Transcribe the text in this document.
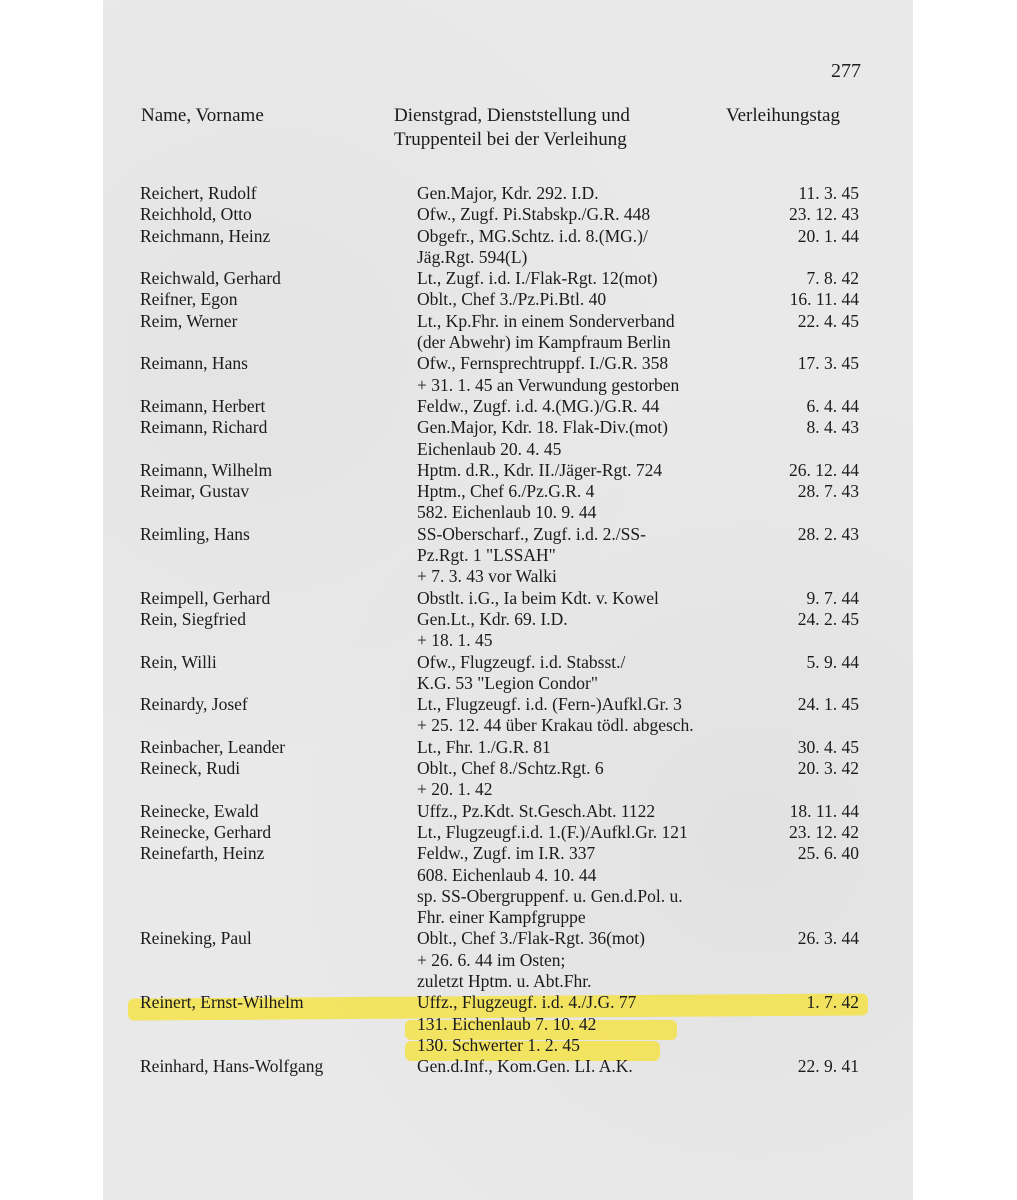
277
Name, Vorname	Dienstgrad, Dienststellung und
Truppenteil bei der Verleihung
Verleihungstag
Reichert, Rudolf	Gen.Major, Kdr. 292. I.D.	11. 3. 45
Reichhold, Otto	Ofw., Zugf. Pi.Stabskp./G.R. 448	23. 12. 43
Reichmann, Heinz	Obgefr., MG.Schtz. i.d. 8.(MG.)/	20. 1. 44
Jäg.Rgt. 594(L)
Reichwald, Gerhard	Lt., Zugf. i.d. I./Flak-Rgt. 12(mot)	7. 8. 42
Reifner, Egon	Oblt., Chef 3./Pz.Pi.Btl. 40	16. 11. 44
Reim, Werner	Lt., Kp.Fhr. in einem Sonderverband	22. 4. 45
(der Abwehr) im Kampfraum Berlin
Reimann, Hans	Ofw., Fernsprechtruppf. I./G.R. 358	17. 3. 45
+ 31. 1. 45 an Verwundung gestorben
Reimann, Herbert	Feldw., Zugf. i.d. 4.(MG.)/G.R. 44	6. 4. 44
Reimann, Richard	Gen.Major, Kdr. 18. Flak-Div.(mot)	8. 4. 43
Eichenlaub 20. 4. 45
Reimann, Wilhelm	Hptm. d.R., Kdr. II./Jäger-Rgt. 724	26. 12. 44
Reimar, Gustav	Hptm., Chef 6./Pz.G.R. 4	28. 7. 43
582. Eichenlaub 10. 9. 44
Reimling, Hans	SS-Oberscharf., Zugf. i.d. 2./SS-	28. 2. 43
Pz.Rgt. 1 "LSSAH"
+ 7. 3. 43 vor Walki
Reimpell, Gerhard	Obstlt. i.G., Ia beim Kdt. v. Kowel	9. 7. 44
Rein, Siegfried	Gen.Lt., Kdr. 69. I.D.	24. 2. 45
+ 18. 1. 45
Rein, Willi	Ofw., Flugzeugf. i.d. Stabsst./	5. 9. 44
K.G. 53 "Legion Condor"
Reinardy, Josef	Lt., Flugzeugf. i.d. (Fern-)Aufkl.Gr. 3	24. 1. 45
+ 25. 12. 44 über Krakau tödl. abgesch.
Reinbacher, Leander	Lt., Fhr. 1./G.R. 81	30. 4. 45
Reineck, Rudi	Oblt., Chef 8./Schtz.Rgt. 6	20. 3. 42
+ 20. 1. 42
Reinecke, Ewald	Uffz., Pz.Kdt. St.Gesch.Abt. 1122	18. 11. 44
Reinecke, Gerhard	Lt., Flugzeugf.i.d. 1.(F.)/Aufkl.Gr. 121	23. 12. 42
Reinefarth, Heinz	Feldw., Zugf. im I.R. 337	25. 6. 40
608. Eichenlaub 4. 10. 44
sp. SS-Obergruppenf. u. Gen.d.Pol. u.
Fhr. einer Kampfgruppe
Reineking, Paul	Oblt., Chef 3./Flak-Rgt. 36(mot)	26. 3. 44
+ 26. 6. 44 im Osten;
zuletzt Hptm. u. Abt.Fhr.
Reinert, Ernst-Wilhelm	Uffz., Flugzeugf. i.d. 4./J.G. 77	1. 7. 42
131. Eichenlaub 7. 10. 42
130. Schwerter 1. 2. 45
Reinhard, Hans-Wolfgang	Gen.d.Inf., Kom.Gen. LI. A.K.	22. 9. 41
